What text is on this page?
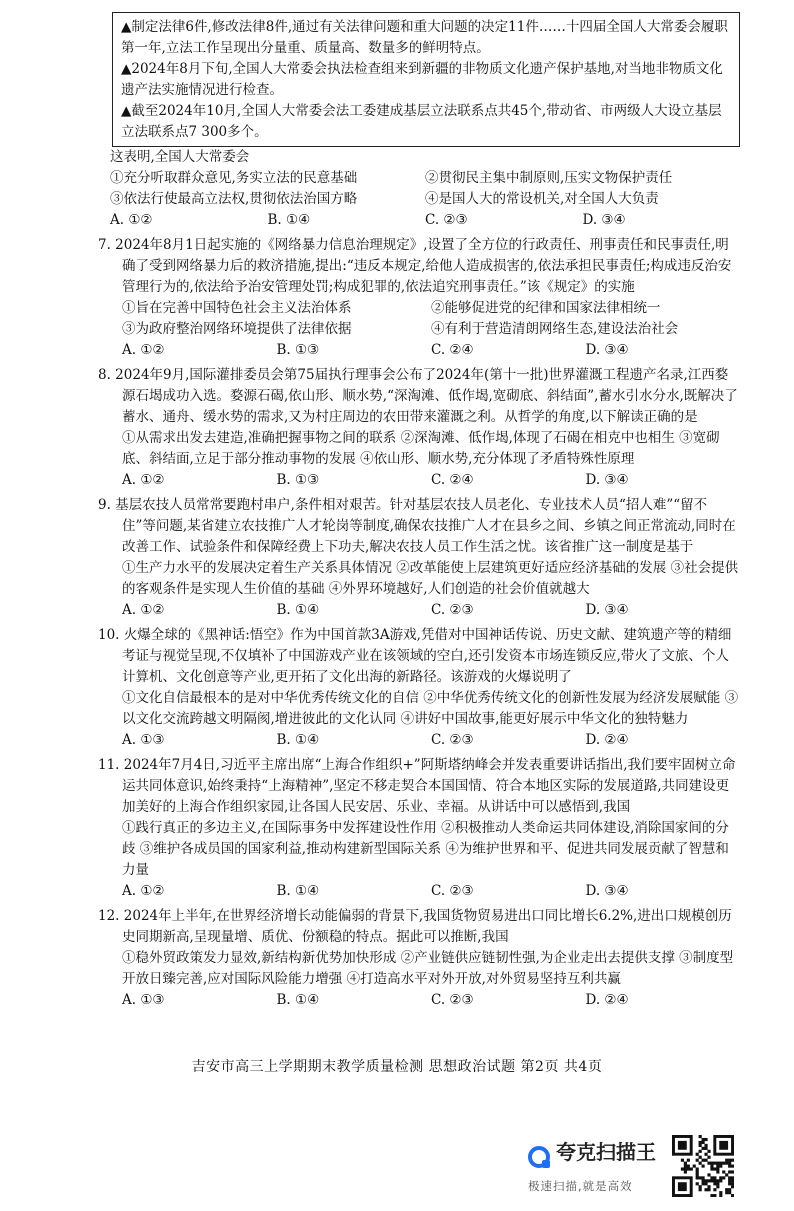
▲制定法律6件,修改法律8件,通过有关法律问题和重大问题的决定11件……十四届全国人大常委会履职第一年,立法工作呈现出分量重、质量高、数量多的鲜明特点。

▲2024年8月下旬,全国人大常委会执法检查组来到新疆的非物质文化遗产保护基地,对当地非物质文化遗产法实施情况进行检查。

▲截至2024年10月,全国人大常委会法工委建成基层立法联系点共45个,带动省、市两级人大设立基层立法联系点7 300多个。

这表明,全国人大常委会
①充分听取群众意见,务实立法的民意基础	②贯彻民主集中制原则,压实文物保护责任
③依法行使最高立法权,贯彻依法治国方略	④是国人大的常设机关,对全国人大负责
A. ①②	B. ①④	C. ②③	D. ③④

7. 2024年8月1日起实施的《网络暴力信息治理规定》,设置了全方位的行政责任、刑事责任和民事责任,明确了受到网络暴力后的救济措施,提出:“违反本规定,给他人造成损害的,依法承担民事责任;构成违反治安管理行为的,依法给予治安管理处罚;构成犯罪的,依法追究刑事责任。”该《规定》的实施

①旨在完善中国特色社会主义法治体系	②能够促进党的纪律和国家法律相统一
③为政府整治网络环境提供了法律依据	④有利于营造清朗网络生态,建设法治社会
A. ①②	B. ①③	C. ②④	D. ③④

8. 2024年9月,国际灌排委员会第75届执行理事会公布了2024年(第十一批)世界灌溉工程遗产名录,江西婺源石堨成功入选。婺源石碣,依山形、顺水势,“深淘滩、低作堨,宽砌底、斜结面”,蓄水引水分水,既解决了蓄水、通舟、缓水势的需求,又为村庄周边的农田带来灌溉之利。从哲学的角度,以下解读正确的是

①从需求出发去建造,准确把握事物之间的联系 ②深淘滩、低作堨,体现了石碣在相克中也相生 ③宽砌底、斜结面,立足于部分推动事物的发展 ④依山形、顺水势,充分体现了矛盾特殊性原理

A. ①②	B. ①③	C. ②④	D. ③④

9. 基层农技人员常常要跑村串户,条件相对艰苦。针对基层农技人员老化、专业技术人员“招人难”“留不住”等问题,某省建立农技推广人才轮岗等制度,确保农技推广人才在县乡之间、乡镇之间正常流动,同时在改善工作、试验条件和保障经费上下功夫,解决农技人员工作生活之忧。该省推广这一制度是基于

①生产力水平的发展决定着生产关系具体情况 ②改革能使上层建筑更好适应经济基础的发展 ③社会提供的客观条件是实现人生价值的基础 ④外界环境越好,人们创造的社会价值就越大

A. ①②	B. ①④	C. ②③	D. ③④

10. 火爆全球的《黑神话:悟空》作为中国首款3A游戏,凭借对中国神话传说、历史文献、建筑遗产等的精细考证与视觉呈现,不仅填补了中国游戏产业在该领域的空白,还引发资本市场连锁反应,带火了文旅、个人计算机、文化创意等产业,更开拓了文化出海的新路径。该游戏的火爆说明了

①文化自信最根本的是对中华优秀传统文化的自信 ②中华优秀传统文化的创新性发展为经济发展赋能 ③以文化交流跨越文明隔阂,增进彼此的文化认同 ④讲好中国故事,能更好展示中华文化的独特魅力

A. ①③	B. ①④	C. ②③	D. ②④

11. 2024年7月4日,习近平主席出席“上海合作组织+”阿斯塔纳峰会并发表重要讲话指出,我们要牢固树立命运共同体意识,始终秉持“上海精神”,坚定不移走契合本国国情、符合本地区实际的发展道路,共同建设更加美好的上海合作组织家园,让各国人民安居、乐业、幸福。从讲话中可以感悟到,我国

①践行真正的多边主义,在国际事务中发挥建设性作用 ②积极推动人类命运共同体建设,消除国家间的分歧 ③维护各成员国的国家利益,推动构建新型国际关系 ④为维护世界和平、促进共同发展贡献了智慧和力量

A. ①②	B. ①④	C. ②③	D. ③④

12. 2024年上半年,在世界经济增长动能偏弱的背景下,我国货物贸易进出口同比增长6.2%,进出口规模创历史同期新高,呈现量增、质优、份额稳的特点。据此可以推断,我国

①稳外贸政策发力显效,新结构新优势加快形成 ②产业链供应链韧性强,为企业走出去提供支撑 ③制度型开放日臻完善,应对国际风险能力增强 ④打造高水平对外开放,对外贸易坚持互利共赢

A. ①③	B. ①④	C. ②③	D. ②④
吉安市高三上学期期末教学质量检测 思想政治试题 第2页 共4页
夸克扫描王
极速扫描,就是高效
